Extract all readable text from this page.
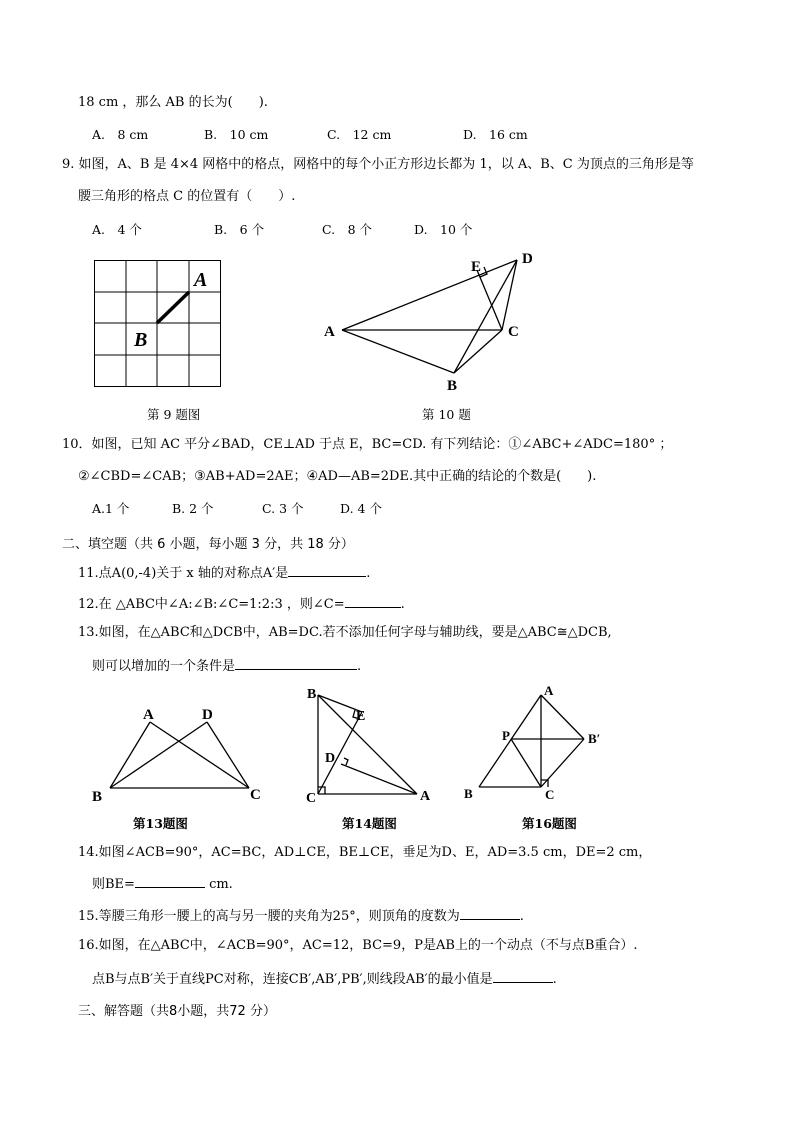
18 cm ，那么 AB 的长为(　　).
A.　8 cm	B.　10 cm	C.　12 cm	D.　16 cm
9. 如图，A、B 是 4×4 网格中的格点，网格中的每个小正方形边长都为 1，以 A、B、C 为顶点的三角形是等
腰三角形的格点 C 的位置有（　　）.
A.　4 个	B.　6 个	C.　8 个	D.　10 个
A
B
第 9 题图
A
B
C
D
E
第 10 题
10．如图，已知 AC 平分∠BAD，CE⊥AD 于点 E，BC=CD. 有下列结论：①∠ABC+∠ADC=180° ；
②∠CBD=∠CAB；③AB+AD=2AE；④AD—AB=2DE.其中正确的结论的个数是(　　).
A.1 个	B. 2 个	C. 3 个	D. 4 个
二、填空题（共 6 小题，每小题 3 分，共 18 分）
11.点A(0,-4)关于 x 轴的对称点A′是	.
12.在 △ABC中∠A:∠B:∠C=1:2:3 ，则∠C=	.
13.如图，在△ABC和△DCB中，AB=DC.若不添加任何字母与辅助线，要是△ABC≅△DCB,
则可以增加的一个条件是	.
A	D
B	C
第13题图
B
E
D
C	A
第14题图
A
P	B′
B	C
第16题图
14.如图∠ACB=90°，AC=BC，AD⊥CE，BE⊥CE，垂足为D、E，AD=3.5 cm，DE=2 cm，
则BE=	cm.
15.等腰三角形一腰上的高与另一腰的夹角为25°，则顶角的度数为	.
16.如图，在△ABC中，∠ACB=90°，AC=12，BC=9，P是AB上的一个动点（不与点B重合）.
点B与点B′关于直线PC对称，连接CB′,AB′,PB′,则线段AB′的最小值是	.
三、解答题（共8小题，共72 分）
